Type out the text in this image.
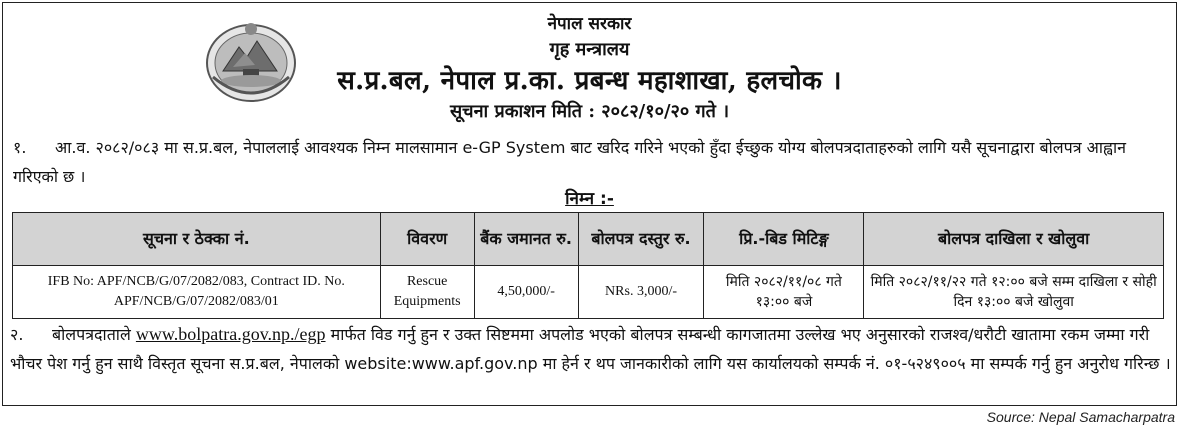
नेपाल सरकार
गृह मन्त्रालय
स.प्र.बल, नेपाल प्र.का. प्रबन्ध महाशाखा, हलचोक ।
सूचना प्रकाशन मिति : २०८२/१०/२० गते ।
१. आ.व. २०८२/०८३ मा स.प्र.बल, नेपाललाई आवश्यक निम्न मालसामान e-GP System बाट खरिद गरिने भएको हुँदा ईच्छुक योग्य बोलपत्रदाताहरुको लागि यसै सूचनाद्वारा बोलपत्र आह्वान गरिएको छ ।
निम्न :-
सूचना र ठेक्का नं.	विवरण	बैंक जमानत रु.	बोलपत्र दस्तुर रु.	प्रि.-बिड मिटिङ्ग	बोलपत्र दाखिला र खोलुवा
IFB No: APF/NCB/G/07/2082/083, Contract ID. No. APF/NCB/G/07/2082/083/01	Rescue Equipments	4,50,000/-	NRs. 3,000/-	मिति २०८२/११/०८ गते १३:०० बजे	मिति २०८२/११/२२ गते १२:०० बजे सम्म दाखिला र सोही दिन १३:०० बजे खोलुवा
२. बोलपत्रदाताले www.bolpatra.gov.np./egp मार्फत विड गर्नु हुन र उक्त सिष्टममा अपलोड भएको बोलपत्र सम्बन्धी कागजातमा उल्लेख भए अनुसारको राजश्व/धरौटी खातामा रकम जम्मा गरी भौचर पेश गर्नु हुन साथै विस्तृत सूचना स.प्र.बल, नेपालको website:www.apf.gov.np मा हेर्न र थप जानकारीको लागि यस कार्यालयको सम्पर्क नं. ०१-५२४९००५ मा सम्पर्क गर्नु हुन अनुरोध गरिन्छ ।
Source: Nepal Samacharpatra
